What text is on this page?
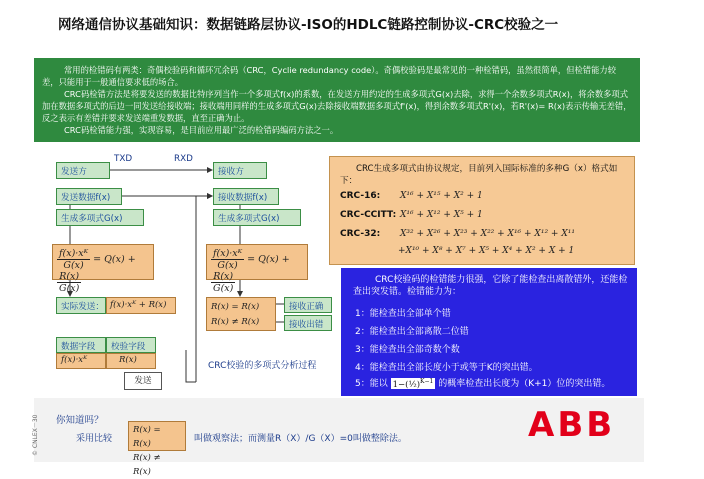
网络通信协议基础知识：数据链路层协议-ISO的HDLC链路控制协议-CRC校验之一

常用的检错码有两类：奇偶校验码和循环冗余码（CRC，Cyclie redundancy code）。奇偶校验码是最常见的一种检错码，虽然很简单，但检错能力较差，只能用于一般通信要求低的场合。

CRC码检错方法是将要发送的数据比特序列当作一个多项式f(x)的系数，在发送方用约定的生成多项式G(x)去除，求得一个余数多项式R(x)，将余数多项式加在数据多项式的后边一同发送给接收端；接收端用同样的生成多项式G(x)去除接收端数据多项式f'(x)，得到余数多项式R'(x)，若R'(x)= R(x)表示传输无差错，反之表示有差错并要求发送端重发数据，直至正确为止。

CRC码检错能力强，实现容易，是目前应用最广泛的检错码编码方法之一。

TXD	RXD
发送方	接收方
发送数据f(x)	接收数据f(x)
生成多项式G(x)	生成多项式G(x)
$\frac{\text{f(x)·xᴷ}}{G(x)} = Q(x)$ +
$\frac{R(x)}{G(x)}$
$\frac{\text{f(x)·xᴷ}}{G(x)} = Q(x)$ +
$\frac{R(x)}{G(x)}$
实际发送： f(x)·xᴷ + R(x)	R(x) = R(x)
R(x) ≠ R(x)
接收正确
接收出错
数据字段	校验字段
f(x)·xᴷ	R(x)
发送
CRC校验的多项式分析过程
CRC生成多项式由协议规定，目前列入国际标准的多种G（x）格式如下：
CRC-16: X¹⁶ + X¹⁵ + X² + 1
CRC-CCITT: X¹⁶ + X¹² + X⁵ + 1
CRC-32: X³² + X²⁶ + X²³ + X²² + X¹⁶ + X¹² + X¹¹
+X¹⁰ + X⁸ + X⁷ + X⁵ + X⁴ + X² + X + 1
CRC校验码的检错能力很强，它除了能检查出离散错外，还能检查出突发错。检错能力为：
1：能检查出全部单个错
2：能检查出全部离散二位错
3：能检查出全部奇数个数
4：能检查出全部长度小于或等于K的突出错。
5：能以 1−(½)$^{K-1}$ 的概率检查出长度为（K+1）位的突出错。
© CNLEX－30 你知道吗？
采用比较
R(x) = R(x)
R(x) ≠ R(x)
叫做观察法；而测量R（X）/G（X）=0叫做整除法。	ABB
